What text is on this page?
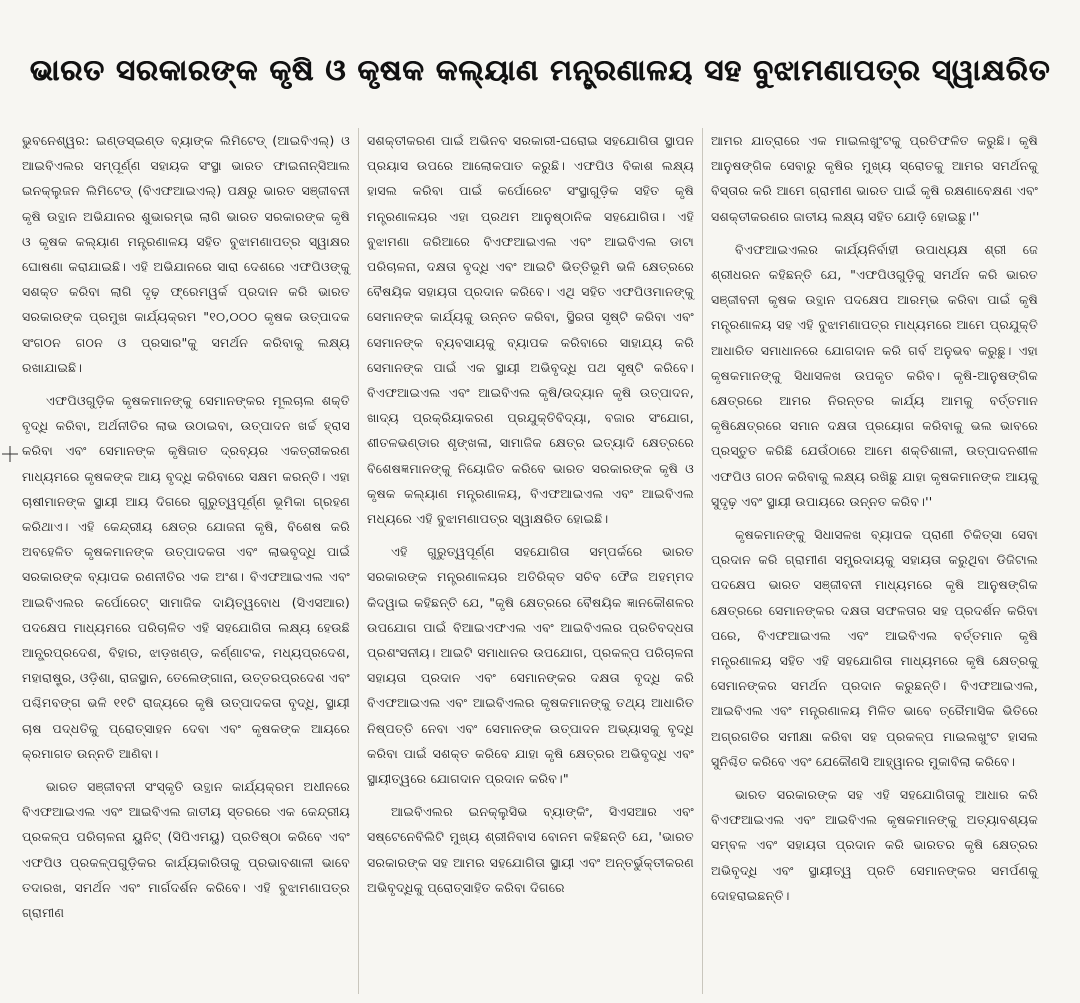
ଭାରତ ସରକାରଙ୍କ କୃଷି ଓ କୃଷକ କଲ୍ୟାଣ ମନ୍ତ୍ରଣାଳୟ ସହ ବୁଝାମଣାପତ୍ର ସ୍ୱାକ୍ଷରିତ

ଭୁବନେଶ୍ୱର: ଇଣ୍ଡସ୍‌ଇଣ୍ଡ ବ୍ୟାଙ୍କ ଲିମିଟେଡ୍ (ଆଇବିଏଲ୍) ଓ ଆଇବିଏଲର ସମ୍ପୂର୍ଣ୍ଣ ସହାୟକ ସଂସ୍ଥା ଭାରତ ଫାଇନାନ୍ସିଆଲ ଇନକ୍ଲୁଜନ ଲିମିଟେଡ୍ (ବିଏଫଆଇଏଲ୍) ପକ୍ଷରୁ ଭାରତ ସଞ୍ଜୀବନୀ କୃଷି ଉତ୍ଥାନ ଅଭିଯାନର ଶୁଭାରମ୍ଭ ଲାଗି ଭାରତ ସରକାରଙ୍କ କୃଷି ଓ କୃଷକ କଲ୍ୟାଣ ମନ୍ତ୍ରଣାଳୟ ସହିତ ବୁଝାମଣାପତ୍ର ସ୍ୱାକ୍ଷର ଘୋଷଣା କରାଯାଇଛି। ଏହି ଅଭିଯାନରେ ସାରା ଦେଶରେ ଏଫପିଓଙ୍କୁ ସଶକ୍ତ କରିବା ଲାଗି ଦୃଢ଼ ଫ୍ରେମୱର୍କ ପ୍ରଦାନ କରି ଭାରତ ସରକାରଙ୍କ ପ୍ରମୁଖ କାର୍ଯ୍ୟକ୍ରମ "୧୦,୦୦୦ କୃଷକ ଉତ୍ପାଦକ ସଂଗଠନ ଗଠନ ଓ ପ୍ରସାର"କୁ ସମର୍ଥନ କରିବାକୁ ଲକ୍ଷ୍ୟ ରଖାଯାଇଛି।

ଏଫପିଓଗୁଡ଼ିକ କୃଷକମାନଙ୍କୁ ସେମାନଙ୍କର ମୂଲଚାଲ ଶକ୍ତି ବୃଦ୍ଧି କରିବା, ଅର୍ଥନୀତିର ଲାଭ ଉଠାଇବା, ଉତ୍ପାଦନ ଖର୍ଚ୍ଚ ହ୍ରାସ କରିବା ଏବଂ ସେମାନଙ୍କ କୃଷିଜାତ ଦ୍ରବ୍ୟର ଏକତ୍ରୀକରଣ ମାଧ୍ୟମରେ କୃଷକଙ୍କ ଆୟ ବୃଦ୍ଧି କରିବାରେ ସକ୍ଷମ କରନ୍ତି। ଏହା ଚାଷୀମାନଙ୍କ ସ୍ଥାୟୀ ଆୟ ଦିଗରେ ଗୁରୁତ୍ୱପୂର୍ଣ୍ଣ ଭୂମିକା ଗ୍ରହଣ କରିଥାଏ। ଏହି କେନ୍ଦ୍ରୀୟ କ୍ଷେତ୍ର ଯୋଜନା କୃଷି, ବିଶେଷ କରି ଅବହେଳିତ କୃଷକମାନଙ୍କ ଉତ୍ପାଦକତା ଏବଂ ଲାଭବୃଦ୍ଧି ପାଇଁ ସରକାରଙ୍କ ବ୍ୟାପକ ରଣନୀତିର ଏକ ଅଂଶ। ବିଏଫଆଇଏଲ ଏବଂ ଆଇବିଏଲର କର୍ପୋରେଟ୍ ସାମାଜିକ ଦାୟିତ୍ୱବୋଧ (ସିଏସଆର) ପଦକ୍ଷେପ ମାଧ୍ୟମରେ ପରିଚାଳିତ ଏହି ସହଯୋଗିତା ଲକ୍ଷ୍ୟ ହେଉଛି ଆନ୍ଧ୍ରପ୍ରଦେଶ, ବିହାର, ଝାଡ଼ଖଣ୍ଡ, କର୍ଣ୍ଣାଟକ, ମଧ୍ୟପ୍ରଦେଶ, ମହାରାଷ୍ଟ୍ର, ଓଡ଼ିଶା, ରାଜସ୍ଥାନ, ତେଲେଙ୍ଗାନା, ଉତ୍ତରପ୍ରଦେଶ ଏବଂ ପଶ୍ଚିମବଙ୍ଗ ଭଳି ୧୧ଟି ରାଜ୍ୟରେ କୃଷି ଉତ୍ପାଦକତା ବୃଦ୍ଧି, ସ୍ଥାୟୀ ଚାଷ ପଦ୍ଧତିକୁ ପ୍ରୋତ୍ସାହନ ଦେବା ଏବଂ କୃଷକଙ୍କ ଆୟରେ କ୍ରମାଗତ ଉନ୍ନତି ଆଣିବା।

ଭାରତ ସଞ୍ଜୀବନୀ ସଂସ୍କୃତି ଉତ୍ଥାନ କାର୍ଯ୍ୟକ୍ରମ ଅଧୀନରେ ବିଏଫଆଇଏଲ ଏବଂ ଆଇବିଏଲ ଜାତୀୟ ସ୍ତରରେ ଏକ କେନ୍ଦ୍ରୀୟ ପ୍ରକଳ୍ପ ପରିଚାଳନା ୟୁନିଟ୍ (ସିପିଏମୟୁ) ପ୍ରତିଷ୍ଠା କରିବେ ଏବଂ ଏଫପିଓ ପ୍ରକଳ୍ପଗୁଡ଼ିକର କାର୍ଯ୍ୟକାରିତାକୁ ପ୍ରଭାବଶାଳୀ ଭାବେ ତଦାରଖ, ସମର୍ଥନ ଏବଂ ମାର୍ଗଦର୍ଶନ କରିବେ। ଏହି ବୁଝାମଣାପତ୍ର ଗ୍ରାମୀଣ

ସଶକ୍ତୀକରଣ ପାଇଁ ଅଭିନବ ସରକାରୀ-ଘରୋଇ ସହଯୋଗିତା ସ୍ଥାପନ ପ୍ରୟାସ ଉପରେ ଆଲୋକପାତ କରୁଛି। ଏଫପିଓ ବିକାଶ ଲକ୍ଷ୍ୟ ହାସଲ କରିବା ପାଇଁ କର୍ପୋରେଟ ସଂସ୍ଥାଗୁଡ଼ିକ ସହିତ କୃଷି ମନ୍ତ୍ରଣାଳୟର ଏହା ପ୍ରଥମ ଆନୁଷ୍ଠାନିକ ସହଯୋଗିତା। ଏହି ବୁଝାମଣା ଜରିଆରେ ବିଏଫଆଇଏଲ ଏବଂ ଆଇବିଏଲ ଡାଟା ପରିଚାଳନା, ଦକ୍ଷତା ବୃଦ୍ଧି ଏବଂ ଆଇଟି ଭିତ୍ତିଭୂମି ଭଳି କ୍ଷେତ୍ରରେ ବୈଷୟିକ ସହାୟତା ପ୍ରଦାନ କରିବେ। ଏଥି ସହିତ ଏଫପିଓମାନଙ୍କୁ ସେମାନଙ୍କ କାର୍ଯ୍ୟକୁ ଉନ୍ନତ କରିବା, ସ୍ଥିରତା ସୃଷ୍ଟି କରିବା ଏବଂ ସେମାନଙ୍କ ବ୍ୟବସାୟକୁ ବ୍ୟାପକ କରିବାରେ ସାହାଯ୍ୟ କରି ସେମାନଙ୍କ ପାଇଁ ଏକ ସ୍ଥାୟୀ ଅଭିବୃଦ୍ଧି ପଥ ସୃଷ୍ଟି କରିବେ। ବିଏଫଆଇଏଲ ଏବଂ ଆଇବିଏଲ କୃଷି/ଉଦ୍ୟାନ କୃଷି ଉତ୍ପାଦନ, ଖାଦ୍ୟ ପ୍ରକ୍ରିୟାକରଣ ପ୍ରଯୁକ୍ତିବିଦ୍ୟା, ବଜାର ସଂଯୋଗ, ଶୀତଳଭଣ୍ଡାର ଶୃଙ୍ଖଳା, ସାମାଜିକ କ୍ଷେତ୍ର ଇତ୍ୟାଦି କ୍ଷେତ୍ରରେ ବିଶେଷଜ୍ଞମାନଙ୍କୁ ନିୟୋଜିତ କରିବେ ଭାରତ ସରକାରଙ୍କ କୃଷି ଓ କୃଷକ କଲ୍ୟାଣ ମନ୍ତ୍ରଣାଳୟ, ବିଏଫଆଇଏଲ ଏବଂ ଆଇବିଏଲ ମଧ୍ୟରେ ଏହି ବୁଝାମଣାପତ୍ର ସ୍ୱାକ୍ଷରିତ ହୋଇଛି।

ଏହି ଗୁରୁତ୍ୱପୂର୍ଣ୍ଣ ସହଯୋଗିତା ସମ୍ପର୍କରେ ଭାରତ ସରକାରଙ୍କ ମନ୍ତ୍ରଣାଳୟର ଅତିରିକ୍ତ ସଚିବ ଫୈଜ ଅହମ୍ମଦ କିଦୱାଇ କହିଛନ୍ତି ଯେ, "କୃଷି କ୍ଷେତ୍ରରେ ବୈଷୟିକ ଜ୍ଞାନକୌଶଳର ଉପଯୋଗ ପାଇଁ ବିଆଇଏଫଏଲ ଏବଂ ଆଇବିଏଲର ପ୍ରତିବଦ୍ଧତା ପ୍ରଶଂସନୀୟ। ଆଇଟି ସମାଧାନର ଉପଯୋଗ, ପ୍ରକଳ୍ପ ପରିଚାଳନା ସହାୟତା ପ୍ରଦାନ ଏବଂ ସେମାନଙ୍କର ଦକ୍ଷତା ବୃଦ୍ଧି କରି ବିଏଫଆଇଏଲ ଏବଂ ଆଇବିଏଲର କୃଷକମାନଙ୍କୁ ତଥ୍ୟ ଆଧାରିତ ନିଷ୍ପତ୍ତି ନେବା ଏବଂ ସେମାନଙ୍କ ଉତ୍ପାଦନ ଅଭ୍ୟାସକୁ ବୃଦ୍ଧି କରିବା ପାଇଁ ସଶକ୍ତ କରିବେ ଯାହା କୃଷି କ୍ଷେତ୍ରର ଅଭିବୃଦ୍ଧି ଏବଂ ସ୍ଥାୟୀତ୍ୱରେ ଯୋଗଦାନ ପ୍ରଦାନ କରିବ।"

ଆଇବିଏଲର ଇନକ୍ଲୁସିଭ ବ୍ୟାଙ୍କିଂ, ସିଏସଆର ଏବଂ ସଷ୍ଟେନେବିଲିଟି ମୁଖ୍ୟ ଶ୍ରୀନିବାସ ବୋନମ କହିଛନ୍ତି ଯେ, 'ଭାରତ ସରକାରଙ୍କ ସହ ଆମର ସହଯୋଗିତା ସ୍ଥାୟୀ ଏବଂ ଅନ୍ତର୍ଭୁକ୍ତୀକରଣ ଅଭିବୃଦ୍ଧିକୁ ପ୍ରୋତ୍ସାହିତ କରିବା ଦିଗରେ

ଆମର ଯାତ୍ରାରେ ଏକ ମାଇଲଖୁଂଟକୁ ପ୍ରତିଫଳିତ କରୁଛି। କୃଷି ଆନୁଷଙ୍ଗିକ ସେବାରୁ କୃଷିର ମୁଖ୍ୟ ସ୍ରୋତକୁ ଆମର ସମର୍ଥନକୁ ବିସ୍ତାର କରି ଆମେ ଗ୍ରାମୀଣ ଭାରତ ପାଇଁ କୃଷି ରକ୍ଷଣାବେକ୍ଷଣ ଏବଂ ସଶକ୍ତୀକରଣର ଜାତୀୟ ଲକ୍ଷ୍ୟ ସହିତ ଯୋଡ଼ି ହୋଇଛୁ।''

ବିଏଫଆଇଏଲର କାର୍ଯ୍ୟନିର୍ବାହୀ ଉପାଧ୍ୟକ୍ଷ ଶ୍ରୀ ଜେ ଶ୍ରୀଧରନ କହିଛନ୍ତି ଯେ, "ଏଫପିଓଗୁଡ଼ିକୁ ସମର୍ଥନ କରି ଭାରତ ସଞ୍ଜୀବନୀ କୃଷକ ଉତ୍ଥାନ ପଦକ୍ଷେପ ଆରମ୍ଭ କରିବା ପାଇଁ କୃଷି ମନ୍ତ୍ରଣାଳୟ ସହ ଏହି ବୁଝାମଣାପତ୍ର ମାଧ୍ୟମରେ ଆମେ ପ୍ରଯୁକ୍ତି ଆଧାରିତ ସମାଧାନରେ ଯୋଗଦାନ କରି ଗର୍ବ ଅନୁଭବ କରୁଛୁ। ଏହା କୃଷକମାନଙ୍କୁ ସିଧାସଳଖ ଉପକୃତ କରିବ। କୃଷି-ଆନୁଷଙ୍ଗିକ କ୍ଷେତ୍ରରେ ଆମର ନିରନ୍ତର କାର୍ଯ୍ୟ ଆମକୁ ବର୍ତ୍ତମାନ କୃଷିକ୍ଷେତ୍ରରେ ସମାନ ଦକ୍ଷତା ପ୍ରୟୋଗ କରିବାକୁ ଭଲ ଭାବରେ ପ୍ରସ୍ତୁତ କରିଛି ଯେଉଁଠାରେ ଆମେ ଶକ୍ତିଶାଳୀ, ଉତ୍ପାଦନଶୀଳ ଏଫପିଓ ଗଠନ କରିବାକୁ ଲକ୍ଷ୍ୟ ରଖିଛୁ ଯାହା କୃଷକମାନଙ୍କ ଆୟକୁ ସୁଦୃଢ଼ ଏବଂ ସ୍ଥାୟୀ ଉପାୟରେ ଉନ୍ନତ କରିବ।''

କୃଷକମାନଙ୍କୁ ସିଧାସଳଖ ବ୍ୟାପକ ପ୍ରାଣୀ ଚିକିତ୍ସା ସେବା ପ୍ରଦାନ କରି ଗ୍ରାମୀଣ ସମ୍ପ୍ରଦାୟକୁ ସହାୟତା କରୁଥିବା ଡିଜିଟାଲ ପଦକ୍ଷେପ ଭାରତ ସଞ୍ଜୀବନୀ ମାଧ୍ୟମରେ କୃଷି ଆନୁଷଙ୍ଗିକ କ୍ଷେତ୍ରରେ ସେମାନଙ୍କର ଦକ୍ଷତା ସଫଳତାର ସହ ପ୍ରଦର୍ଶନ କରିବା ପରେ, ବିଏଫଆଇଏଲ ଏବଂ ଆଇବିଏଲ ବର୍ତ୍ତମାନ କୃଷି ମନ୍ତ୍ରଣାଳୟ ସହିତ ଏହି ସହଯୋଗିତା ମାଧ୍ୟମରେ କୃଷି କ୍ଷେତ୍ରକୁ ସେମାନଙ୍କର ସମର୍ଥନ ପ୍ରଦାନ କରୁଛନ୍ତି। ବିଏଫଆଇଏଲ, ଆଇବିଏଲ ଏବଂ ମନ୍ତ୍ରଣାଳୟ ମିଳିତ ଭାବେ ତ୍ରୈମାସିକ ଭିତିରେ ଅଗ୍ରଗତିର ସମୀକ୍ଷା କରିବା ସହ ପ୍ରକଳ୍ପ ମାଇଲଖୁଂଟ ହାସଲ ସୁନିଶ୍ଚିତ କରିବେ ଏବଂ ଯେକୌଣସି ଆହ୍ୱାନର ମୁକାବିଲା କରିବେ।

ଭାରତ ସରକାରଙ୍କ ସହ ଏହି ସହଯୋଗିତାକୁ ଆଧାର କରି ବିଏଫଆଇଏଲ ଏବଂ ଆଇବିଏଲ କୃଷକମାନଙ୍କୁ ଅତ୍ୟାବଶ୍ୟକ ସମ୍ବଳ ଏବଂ ସହାୟତା ପ୍ରଦାନ କରି ଭାରତର କୃଷି କ୍ଷେତ୍ରର ଅଭିବୃଦ୍ଧି ଏବଂ ସ୍ଥାୟୀତ୍ୱ ପ୍ରତି ସେମାନଙ୍କର ସମର୍ପଣକୁ ଦୋହରାଇଛନ୍ତି।
